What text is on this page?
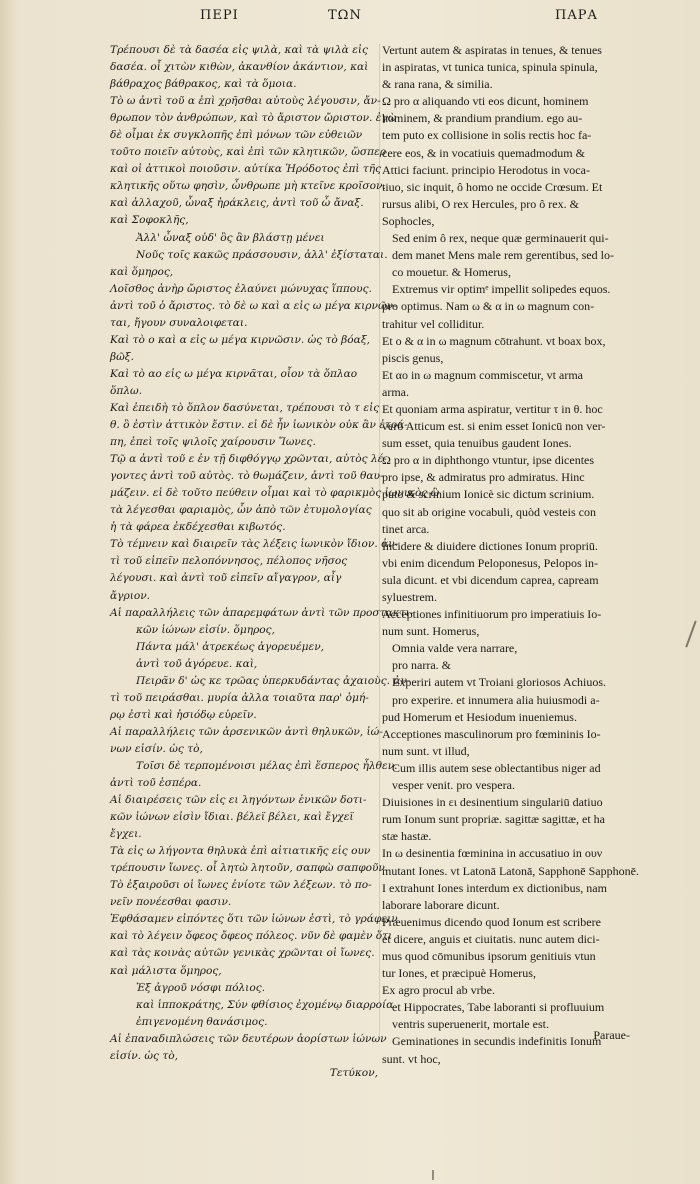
ΠΕΡΙ	ΤΩΝ	ΠΑΡΑ
Τρέπουσι δὲ τὰ δασέα εἰς ψιλὰ, καὶ τὰ ψιλὰ εἰς
δασέα. οἷ χιτὼν κιθὼν, ἀκανθίον ἀκάντιον, καὶ
βάθραχος βάθρακος, καὶ τὰ ὅμοια.
Τὸ ω ἀντὶ τοῦ α ἐπὶ χρῆσθαι αὐτοὺς λέγουσιν, ἄν-
θρωπον τὸν ἀνθρώπων, καὶ τὸ ἄριστον ὤριστον. ἐγὼ
δὲ οἶμαι ἐκ συγκλοπῆς ἐπὶ μόνων τῶν εὐθειῶν
τοῦτο ποιεῖν αὐτοὺς, καὶ ἐπὶ τῶν κλητικῶν, ὥσπερ
καὶ οἱ ἀττικοὶ ποιοῦσιν. αὐτίκα Ἡρόδοτος ἐπὶ τῆς
κλητικῆς οὕτω φησὶν, ὦνθρωπε μὴ κτεῖνε κροῖσον.
καὶ ἀλλαχοῦ, ὦναξ ἡράκλεις, ἀντὶ τοῦ ὦ ἄναξ.
καὶ Σοφοκλῆς,
Ἀλλ' ὧναξ οὐδ' ὃς ἂν βλάστῃ μένει
Νοῦς τοῖς κακῶς πράσσουσιν, ἀλλ' ἐξίσταται.
καὶ ὅμηρος,
Λοῖσθος ἀνὴρ ὤριστος ἐλαύνει μώνυχας ἵππους.
ἀντὶ τοῦ ὁ ἄριστος. τὸ δὲ ω καὶ α εἰς ω μέγα κιρνῶν-
ται, ἤγουν συναλοιφεται.
Καὶ τὸ ο καὶ α εἰς ω μέγα κιρνῶσιν. ὡς τὸ βόαξ,
βῶξ.
Καὶ τὸ αο εἰς ω μέγα κιρνᾶται, οἷον τὰ ὅπλαο
ὅπλω.
Καὶ ἐπειδὴ τὸ ὅπλον δασύνεται, τρέπουσι τὸ τ εἰς
θ. ὃ ἐστὶν ἀττικὸν ἔστιν. εἰ δὲ ἦν ἰωνικὸν οὐκ ἂν ἐτρά-
πη, ἐπεὶ τοῖς ψιλοῖς χαίρουσιν Ἴωνες.
Τῷ α ἀντὶ τοῦ ε ἐν τῇ διφθόγγῳ χρῶνται, αὐτὸς λέ-
γοντες ἀντὶ τοῦ αὐτὸς. τὸ θωμάζειν, ἀντὶ τοῦ θαυ-
μάζειν. εἰ δὲ τοῦτο πεύθειν οἶμαι καὶ τὸ φαρικμὸς ἰωνικὸς ὢ
τὰ λέγεσθαι φαριαμὸς, ὧν ἀπὸ τῶν ἐτυμολογίας
ἡ τὰ φάρεα ἐκδέχεσθαι κιβωτός.
Τὸ τέμνειν καὶ διαιρεῖν τὰς λέξεις ἰωνικὸν ἴδιον. ἀν-
τὶ τοῦ εἰπεῖν πελοπόννησος, πέλοπος νῆσος
λέγουσι. καὶ ἀντὶ τοῦ εἰπεῖν αἴγαγρον, αἶγ
ἄγριον.
Αἱ παραλλήλεις τῶν ἀπαρεμφάτων ἀντὶ τῶν προστακτι-
κῶν ἰώνων εἰσίν. ὅμηρος,
Πάντα μάλ' ἀτρεκέως ἀγορευέμεν,
ἀντὶ τοῦ ἀγόρευε. καὶ,
Πειρᾶν δ' ὡς κε τρῶας ὑπερκυδάντας ἀχαιοὺς. ἀν-
τὶ τοῦ πειράσθαι. μυρία ἀλλα τοιαῦτα παρ' ὁμή-
ρῳ ἐστὶ καὶ ἡσιόδῳ εὑρεῖν.
Αἱ παραλλήλεις τῶν ἀρσενικῶν ἀντὶ θηλυκῶν, ἰώ-
νων εἰσίν. ὡς τὸ,
Τοῖσι δὲ τερπομένοισι μέλας ἐπὶ ἕσπερος ἦλθεν.
ἀντὶ τοῦ ἑσπέρα.
Αἱ διαιρέσεις τῶν εἰς ει ληγόντων ἑνικῶν δοτι-
κῶν ἰώνων εἰσὶν ἴδιαι. βέλεϊ βέλει, καὶ ἔγχεϊ
ἔγχει.
Τὰ εἰς ω λήγοντα θηλυκὰ ἐπὶ αἰτιατικῆς εἰς ουν
τρέπουσιν ἴωνες. οἷ λητὼ λητοῦν, σαπφὼ σαπφοῦν.
Τὸ ἐξαιροῦσι οἱ ἴωνες ἐνίοτε τῶν λέξεων. τὸ πο-
νεῖν πονέεσθαι φασιν.
Ἐφθάσαμεν εἰπόντες ὅτι τῶν ἰώνων ἐστὶ, τὸ γράφειν
καὶ τὸ λέγειν ὄφεος ὄφεος πόλεος. νῦν δὲ φαμὲν ὅτι
καὶ τὰς κοινὰς αὐτῶν γενικὰς χρῶνται οἱ ἴωνες.
καὶ μάλιστα ὅμηρος,
Ἐξ ἀγροῦ νόσφι πόλιος.
καὶ ἱπποκράτης, Σύν φθίσιος ἐχομένῳ διαρροία
ἐπιγενομένη θανάσιμος.
Αἱ ἐπαναδιπλώσεις τῶν δευτέρων ἀορίστων ἰώνων
εἰσίν. ὡς τὸ,
Τετύκον,
Vertunt autem & aspiratas in tenues, & tenues
in aspiratas, vt tunica tunica, spinula spinula,
& rana rana, & similia.
Ω pro α aliquando vti eos dicunt, hominem
hominem, & prandium prandium. ego au-
tem puto ex collisione in solis rectis hoc fa-
cere eos, & in vocatiuis quemadmodum &
Attici faciunt. principio Herodotus in voca-
tiuo, sic inquit, ô homo ne occide Crœsum. Et
rursus alibi, O rex Hercules, pro ô rex. &
Sophocles,
Sed enim ô rex, neque quæ germinauerit qui-
dem manet Mens male rem gerentibus, sed lo-
co mouetur. & Homerus,
Extremus vir optimᵉ impellit solipedes equos.
pro optimus. Nam ω & α in ω magnum con-
trahitur vel colliditur.
Et o & α in ω magnum cōtrahunt. vt boax box,
piscis genus,
Et αο in ω magnum commiscetur, vt arma
arma.
Et quoniam arma aspiratur, vertitur τ in θ. hoc
verò Atticum est. si enim esset Ionicū non ver-
sum esset, quia tenuibus gaudent Iones.
Ω pro α in diphthongo vtuntur, ipse dicentes
pro ipse, & admiratus pro admiratus. Hinc
puto & scrinium Ionicè sic dictum scrinium.
quo sit ab origine vocabuli, quòd vesteis con
tinet arca.
Incidere & diuidere dictiones Ionum propriū.
vbi enim dicendum Peloponesus, Pelopos in-
sula dicunt. et vbi dicendum caprea, capream
syluestrem.
Acceptiones infinitiuorum pro imperatiuis Io-
num sunt. Homerus,
Omnia valde vera narrare,
pro narra. &
Experiri autem vt Troiani gloriosos Achiuos.
pro experire. et innumera alia huiusmodi a-
pud Homerum et Hesiodum inueniemus.
Acceptiones masculinorum pro fœmininis Io-
num sunt. vt illud,
Cum illis autem sese oblectantibus niger ad
vesper venit. pro vespera.
Diuisiones in ει desinentium singulariū datiuo
rum Ionum sunt propriæ. sagittæ sagittæ, et ha
stæ hastæ.
In ω desinentia fœminina in accusatiuo in ουν
mutant Iones. vt Latonā Latonā, Sapphonē Sapphonē.
Ι extrahunt Iones interdum ex dictionibus, nam
laborare laborare dicunt.
Præuenimus dicendo quod Ionum est scribere
et dicere, anguis et ciuitatis. nunc autem dici-
mus quod cōmunibus ipsorum genitiuis vtun
tur Iones, et præcipuè Homerus,
Ex agro procul ab vrbe.
et Hippocrates, Tabe laboranti si profluuium
ventris superuenerit, mortale est.
Geminationes in secundis indefinitis Ionum
sunt. vt hoc,
Paraue-
